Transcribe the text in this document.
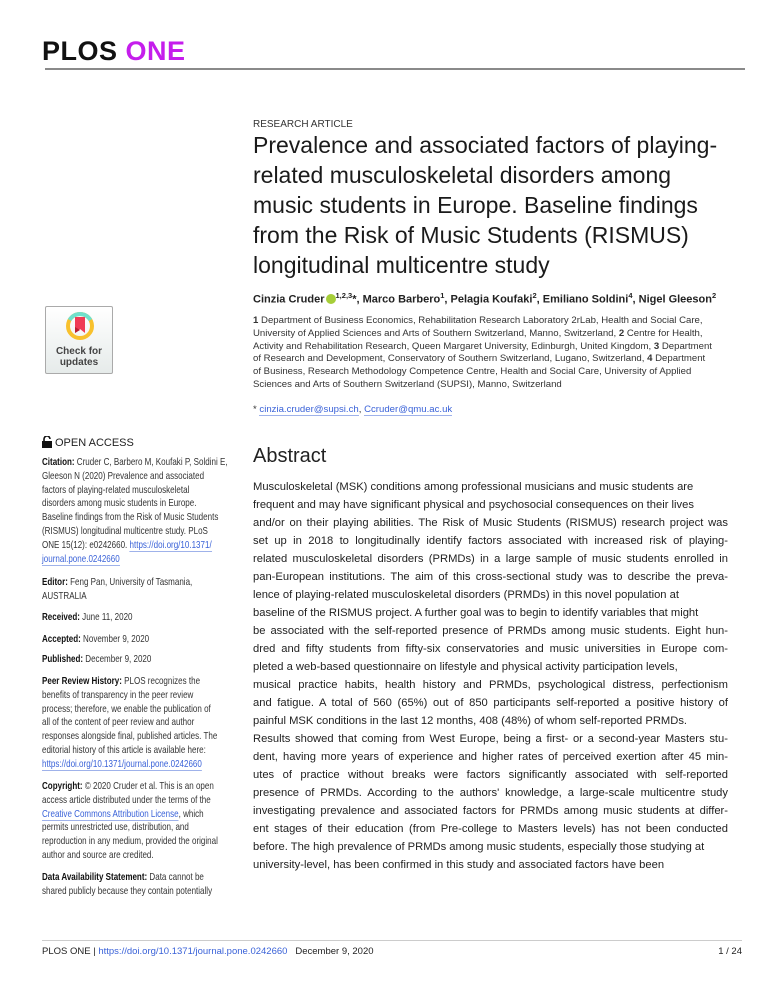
PLOS ONE
Check for
updates
OPEN ACCESS
Citation: Cruder C, Barbero M, Koufaki P, Soldini E,
Gleeson N (2020) Prevalence and associated
factors of playing-related musculoskeletal
disorders among music students in Europe.
Baseline findings from the Risk of Music Students
(RISMUS) longitudinal multicentre study. PLoS
ONE 15(12): e0242660. https://doi.org/10.1371/
journal.pone.0242660
Editor: Feng Pan, University of Tasmania,
AUSTRALIA
Received: June 11, 2020
Accepted: November 9, 2020
Published: December 9, 2020
Peer Review History: PLOS recognizes the
benefits of transparency in the peer review
process; therefore, we enable the publication of
all of the content of peer review and author
responses alongside final, published articles. The
editorial history of this article is available here:
https://doi.org/10.1371/journal.pone.0242660
Copyright: © 2020 Cruder et al. This is an open
access article distributed under the terms of the
Creative Commons Attribution License, which
permits unrestricted use, distribution, and
reproduction in any medium, provided the original
author and source are credited.
Data Availability Statement: Data cannot be
shared publicly because they contain potentially
RESEARCH ARTICLE
Prevalence and associated factors of playing-
related musculoskeletal disorders among
music students in Europe. Baseline findings
from the Risk of Music Students (RISMUS)
longitudinal multicentre study
Cinzia Cruder $^{1,2,3}$*, Marco Barbero$^1$, Pelagia Koufaki$^2$, Emiliano Soldini$^4$, Nigel Gleeson$^2$
1 Department of Business Economics, Rehabilitation Research Laboratory 2rLab, Health and Social Care,
University of Applied Sciences and Arts of Southern Switzerland, Manno, Switzerland, 2 Centre for Health,
Activity and Rehabilitation Research, Queen Margaret University, Edinburgh, United Kingdom, 3 Department
of Research and Development, Conservatory of Southern Switzerland, Lugano, Switzerland, 4 Department
of Business, Research Methodology Competence Centre, Health and Social Care, University of Applied
Sciences and Arts of Southern Switzerland (SUPSI), Manno, Switzerland
* cinzia.cruder@supsi.ch, Ccruder@qmu.ac.uk
Abstract
Musculoskeletal (MSK) conditions among professional musicians and music students are
frequent and may have significant physical and psychosocial consequences on their lives
and/or on their playing abilities. The Risk of Music Students (RISMUS) research project was
set up in 2018 to longitudinally identify factors associated with increased risk of playing-
related musculoskeletal disorders (PRMDs) in a large sample of music students enrolled in
pan-European institutions. The aim of this cross-sectional study was to describe the preva-
lence of playing-related musculoskeletal disorders (PRMDs) in this novel population at
baseline of the RISMUS project. A further goal was to begin to identify variables that might
be associated with the self-reported presence of PRMDs among music students. Eight hun-
dred and fifty students from fifty-six conservatories and music universities in Europe com-
pleted a web-based questionnaire on lifestyle and physical activity participation levels,
musical practice habits, health history and PRMDs, psychological distress, perfectionism
and fatigue. A total of 560 (65%) out of 850 participants self-reported a positive history of
painful MSK conditions in the last 12 months, 408 (48%) of whom self-reported PRMDs.
Results showed that coming from West Europe, being a first- or a second-year Masters stu-
dent, having more years of experience and higher rates of perceived exertion after 45 min-
utes of practice without breaks were factors significantly associated with self-reported
presence of PRMDs. According to the authors' knowledge, a large-scale multicentre study
investigating prevalence and associated factors for PRMDs among music students at differ-
ent stages of their education (from Pre-college to Masters levels) has not been conducted
before. The high prevalence of PRMDs among music students, especially those studying at
university-level, has been confirmed in this study and associated factors have been
PLOS ONE | https://doi.org/10.1371/journal.pone.0242660 December 9, 2020	1 / 24
